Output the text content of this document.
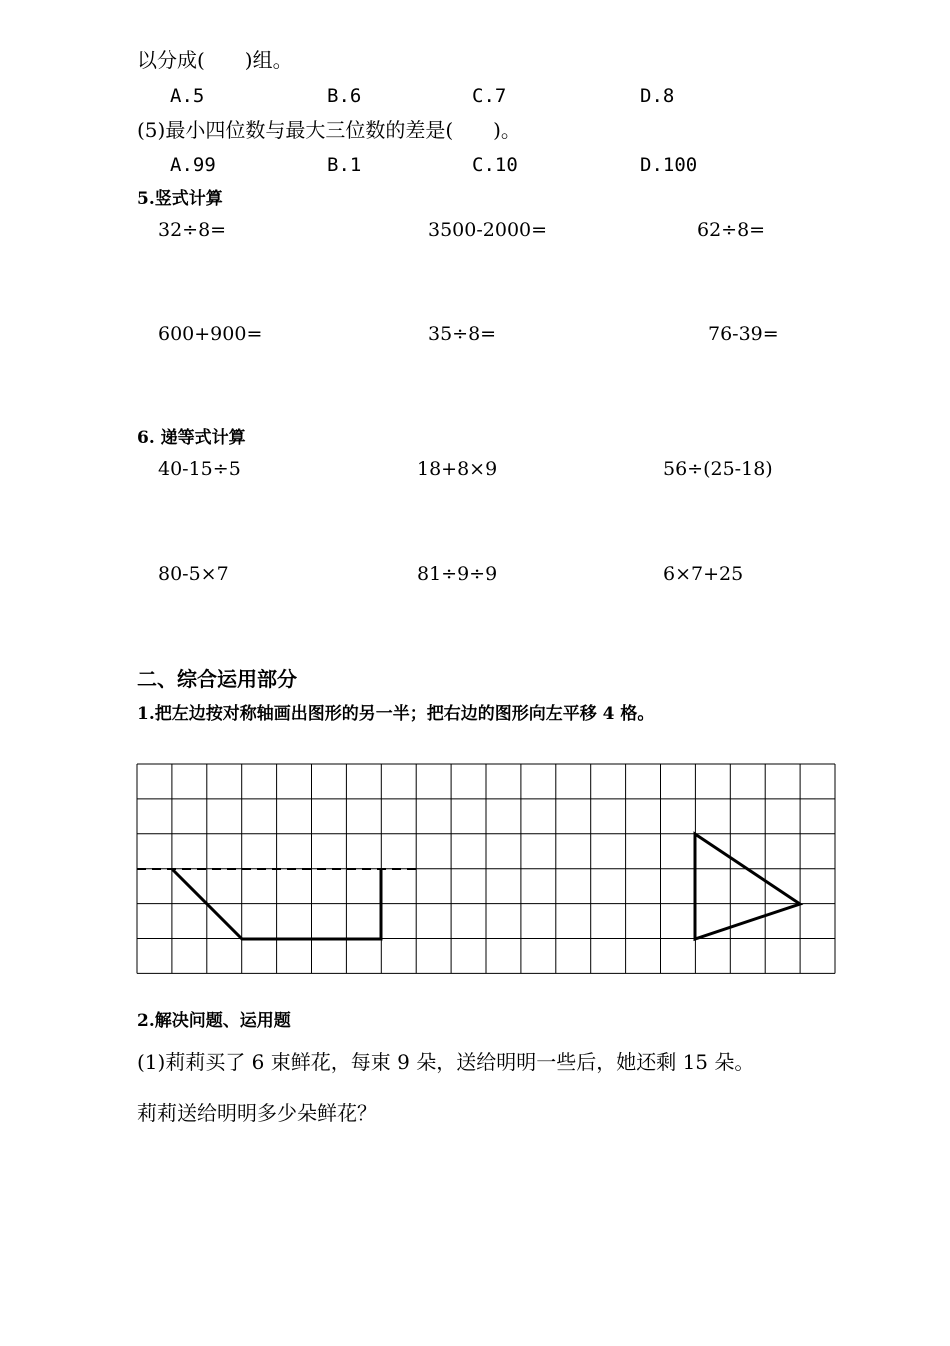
以分成(　　)组。
A.5	B.6	C.7	D.8
(5)最小四位数与最大三位数的差是(　　)。
A.99	B.1	C.10	D.100
5.竖式计算
32÷8=	3500-2000=	62÷8=
600+900=	35÷8=	76-39=
6. 递等式计算
40-15÷5	18+8×9	56÷(25-18)
80-5×7	81÷9÷9	6×7+25
二、综合运用部分
1.把左边按对称轴画出图形的另一半；把右边的图形向左平移 4 格。
2.解决问题、运用题
(1)莉莉买了 6 束鲜花，每束 9 朵，送给明明一些后，她还剩 15 朵。
莉莉送给明明多少朵鲜花？
